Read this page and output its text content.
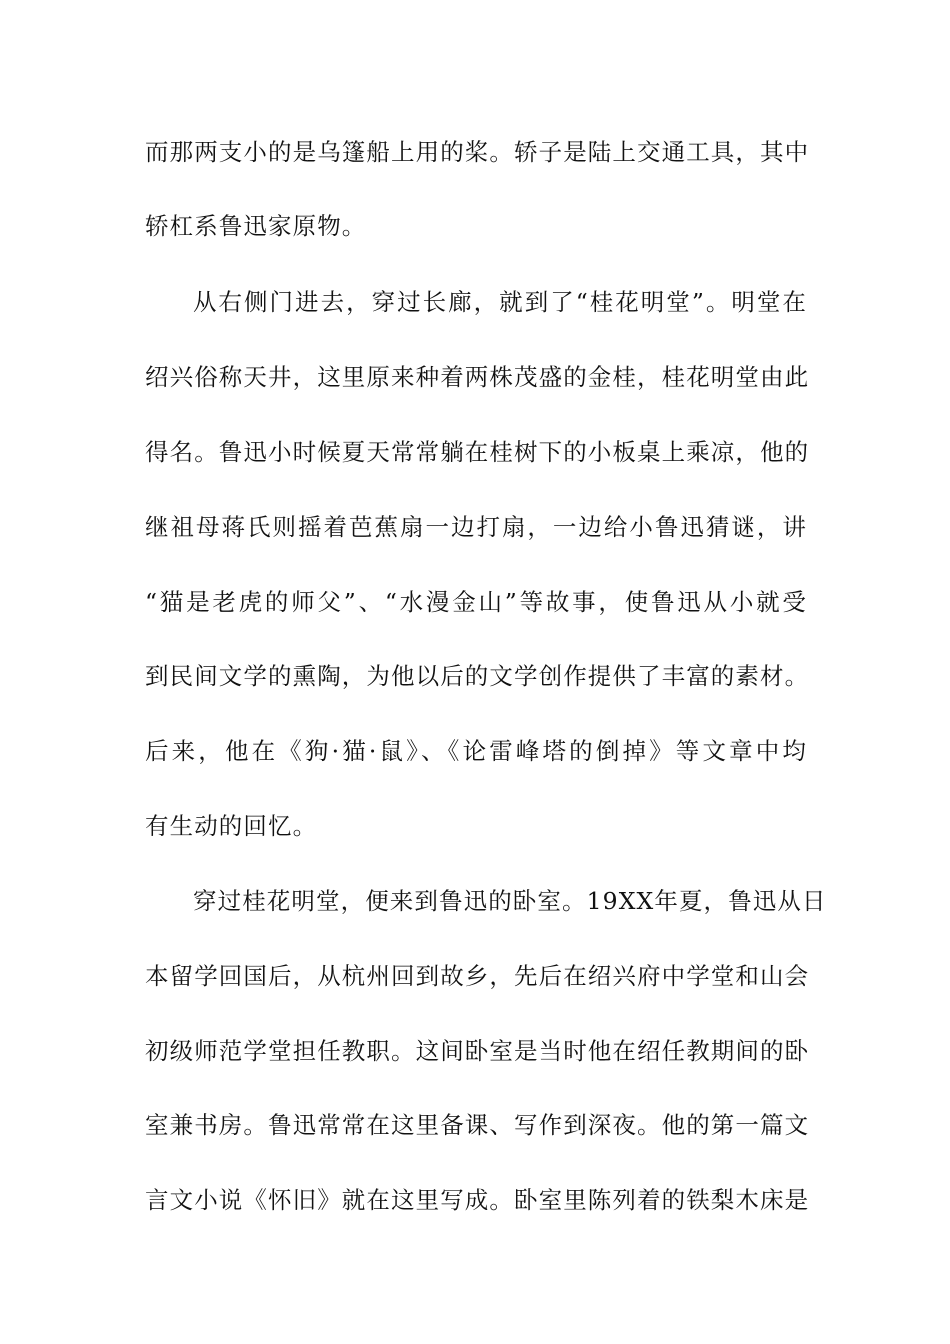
而那两支小的是乌篷船上用的桨。轿子是陆上交通工具，其中
轿杠系鲁迅家原物。
从右侧门进去，穿过长廊，就到了“桂花明堂”。明堂在
绍兴俗称天井，这里原来种着两株茂盛的金桂，桂花明堂由此
得名。鲁迅小时候夏天常常躺在桂树下的小板桌上乘凉，他的
继祖母蒋氏则摇着芭蕉扇一边打扇，一边给小鲁迅猜谜，讲
“猫是老虎的师父”、“水漫金山”等故事，使鲁迅从小就受
到民间文学的熏陶，为他以后的文学创作提供了丰富的素材。
后来，他在《狗·猫·鼠》、《论雷峰塔的倒掉》等文章中均
有生动的回忆。
穿过桂花明堂，便来到鲁迅的卧室。19XX年夏，鲁迅从日
本留学回国后，从杭州回到故乡，先后在绍兴府中学堂和山会
初级师范学堂担任教职。这间卧室是当时他在绍任教期间的卧
室兼书房。鲁迅常常在这里备课、写作到深夜。他的第一篇文
言文小说《怀旧》就在这里写成。卧室里陈列着的铁梨木床是
